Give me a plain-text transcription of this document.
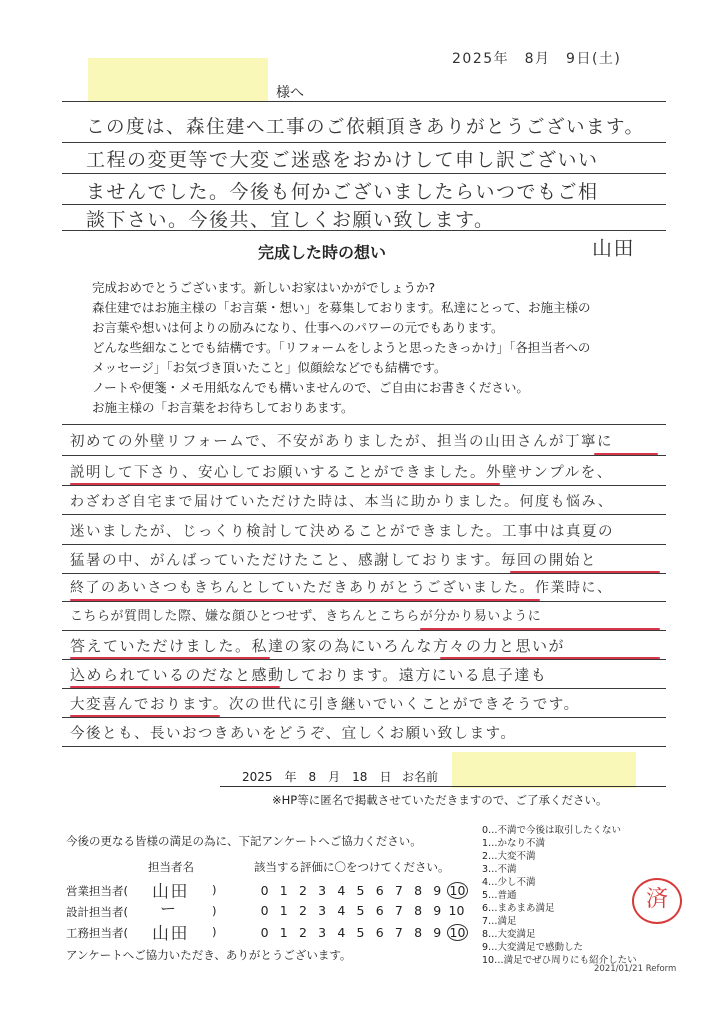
2025年　8月　9日(土)
様へ
この度は、森住建へ工事のご依頼頂きありがとうございます。
工程の変更等で大変ご迷惑をおかけして申し訳ございい
ませんでした。今後も何かございましたらいつでもご相
談下さい。今後共、宜しくお願い致します。
山田
完成した時の想い
完成おめでとうございます。新しいお家はいかがでしょうか?
森住建ではお施主様の「お言葉・想い」を募集しております。私達にとって、お施主様の
お言葉や想いは何よりの励みになり、仕事へのパワーの元でもあります。
どんな些細なことでも結構です。「リフォームをしようと思ったきっかけ」「各担当者への
メッセージ」「お気づき頂いたこと」似顔絵などでも結構です。
ノートや便箋・メモ用紙なんでも構いませんので、ご自由にお書きください。
お施主様の「お言葉をお待ちしておりあます。
初めての外壁リフォームで、不安がありましたが、担当の山田さんが丁寧に
説明して下さり、安心してお願いすることができました。外壁サンプルを、
わざわざ自宅まで届けていただけた時は、本当に助かりました。何度も悩み、
迷いましたが、じっくり検討して決めることができました。工事中は真夏の
猛暑の中、がんばっていただけたこと、感謝しております。毎回の開始と
終了のあいさつもきちんとしていただきありがとうございました。作業時に、
こちらが質問した際、嫌な顔ひとつせず、きちんとこちらが分かり易いように
答えていただけました。私達の家の為にいろんな方々の力と思いが
込められているのだなと感動しております。遠方にいる息子達も
大変喜んでおります。次の世代に引き継いでいくことができそうです。
今後とも、長いおつきあいをどうぞ、宜しくお願い致します。
2025　年　8　月　18　日 お名前
※HP等に匿名で掲載させていただきますので、ご了承ください。
今後の更なる皆様の満足の為に、下記アンケートへご協力ください。
担当者名	該当する評価に〇をつけてください。
営業担当者( 山田 )	0 1 2 3 4 5 6 7 8 9 10
設計担当者( ー	)	0 1 2 3 4 5 6 7 8 9 10
工務担当者( 山田 )	0 1 2 3 4 5 6 7 8 9 10
アンケートへご協力いただき、ありがとうございます。
0…不満で今後は取引したくない
1…かなり不満
2…大変不満
3…不満
4…少し不満
5…普通
6…まあまあ満足
7…満足
8…大変満足
9…大変満足で感動した
10…満足でぜひ周りにも紹介したい
済
2021/01/21 Reform
